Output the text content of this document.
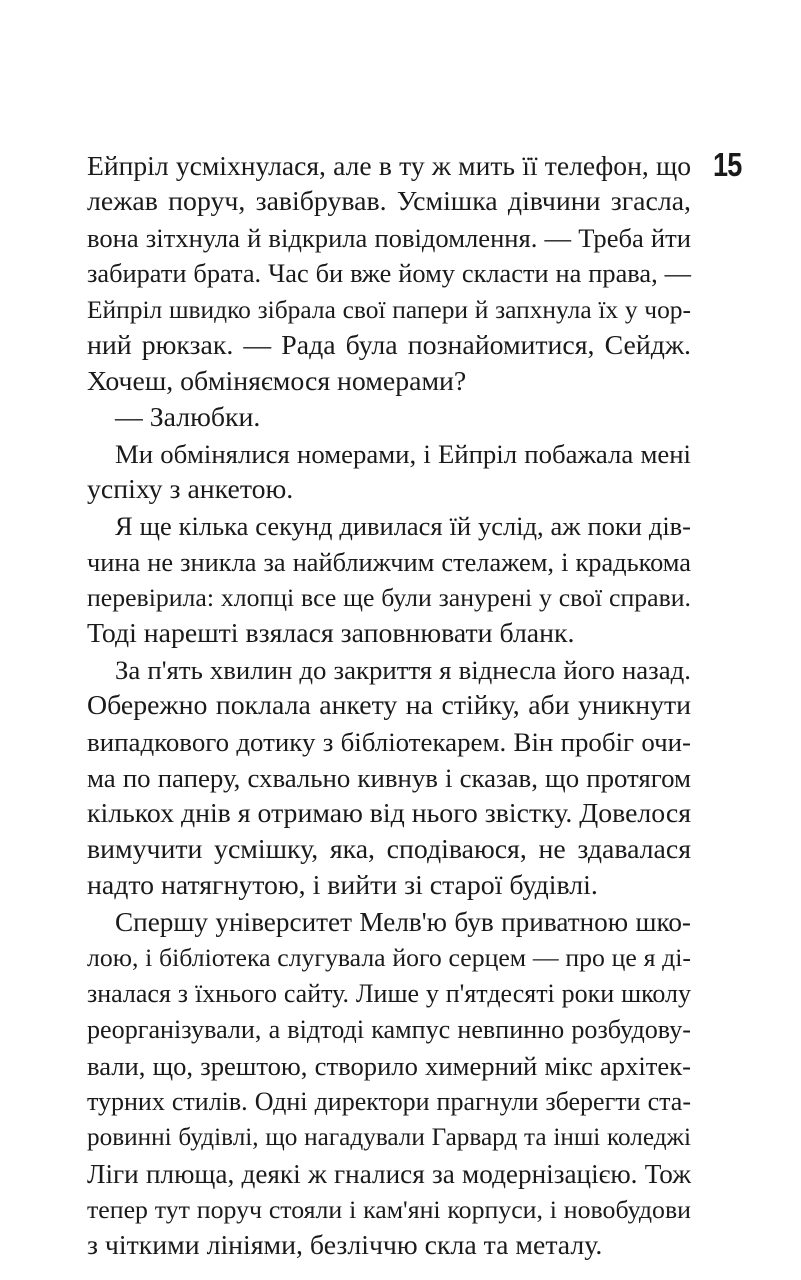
15

Ейпріл усміхнулася, але в ту ж мить її телефон, що

лежав поруч, завібрував. Усмішка дівчини згасла,

вона зітхнула й відкрила повідомлення. — Треба йти

забирати брата. Час би вже йому скласти на права, —

Ейпріл швидко зібрала свої папери й запхнула їх у чор-

ний рюкзак. — Рада була познайомитися, Сейдж.

Хочеш, обміняємося номерами?

— Залюбки.

Ми обмінялися номерами, і Ейпріл побажала мені

успіху з анкетою.

Я ще кілька секунд дивилася їй услід, аж поки дів-

чина не зникла за найближчим стелажем, і крадькома

перевірила: хлопці все ще були занурені у свої справи.

Тоді нарешті взялася заповнювати бланк.

За п'ять хвилин до закриття я віднесла його назад.

Обережно поклала анкету на стійку, аби уникнути

випадкового дотику з бібліотекарем. Він пробіг очи-

ма по паперу, схвально кивнув і сказав, що протягом

кількох днів я отримаю від нього звістку. Довелося

вимучити усмішку, яка, сподіваюся, не здавалася

надто натягнутою, і вийти зі старої будівлі.

Спершу університет Мелв'ю був приватною шко-

лою, і бібліотека слугувала його серцем — про це я ді-

зналася з їхнього сайту. Лише у п'ятдесяті роки школу

реорганізували, а відтоді кампус невпинно розбудову-

вали, що, зрештою, створило химерний мікс архітек-

турних стилів. Одні директори прагнули зберегти ста-

ровинні будівлі, що нагадували Гарвард та інші коледжі

Ліги плюща, деякі ж гналися за модернізацією. Тож

тепер тут поруч стояли і кам'яні корпуси, і новобудови

з чіткими лініями, безліччю скла та металу.
